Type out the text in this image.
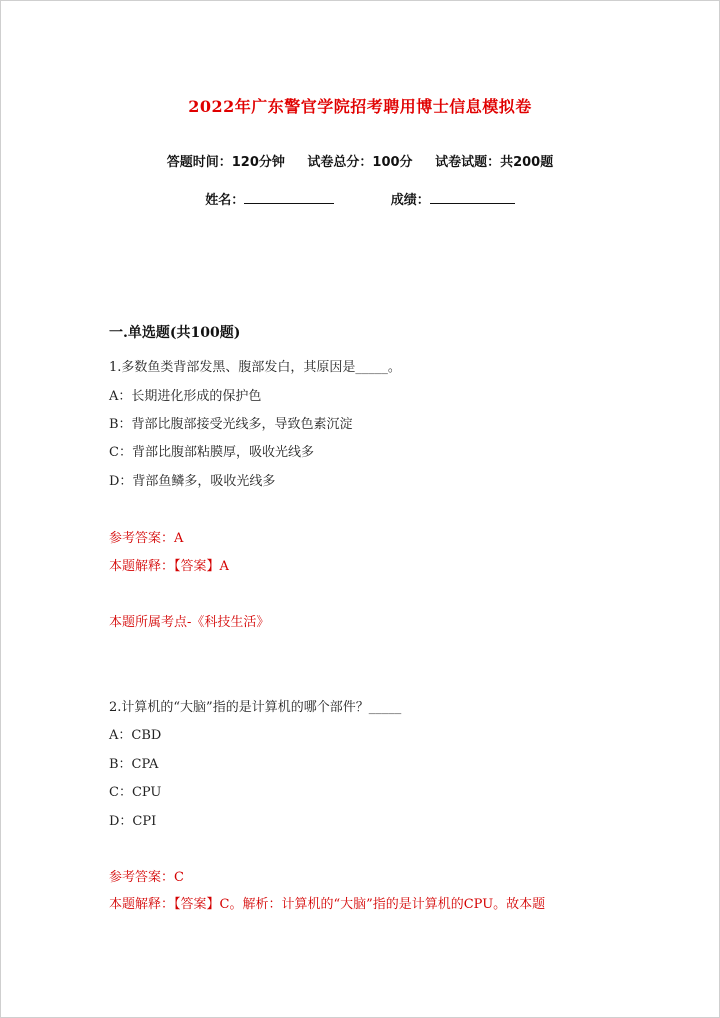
2022年广东警官学院招考聘用博士信息模拟卷
答题时间：120分钟 试卷总分：100分 试卷试题：共200题
姓名：	成绩：
一.单选题(共100题)
1.多数鱼类背部发黑、腹部发白，其原因是_____。
A：长期进化形成的保护色
B：背部比腹部接受光线多，导致色素沉淀
C：背部比腹部粘膜厚，吸收光线多
D：背部鱼鳞多，吸收光线多
参考答案：A
本题解释：【答案】A
本题所属考点-《科技生活》
2.计算机的“大脑”指的是计算机的哪个部件？_____
A：CBD
B：CPA
C：CPU
D：CPI
参考答案：C
本题解释：【答案】C。解析：计算机的“大脑”指的是计算机的CPU。故本题
